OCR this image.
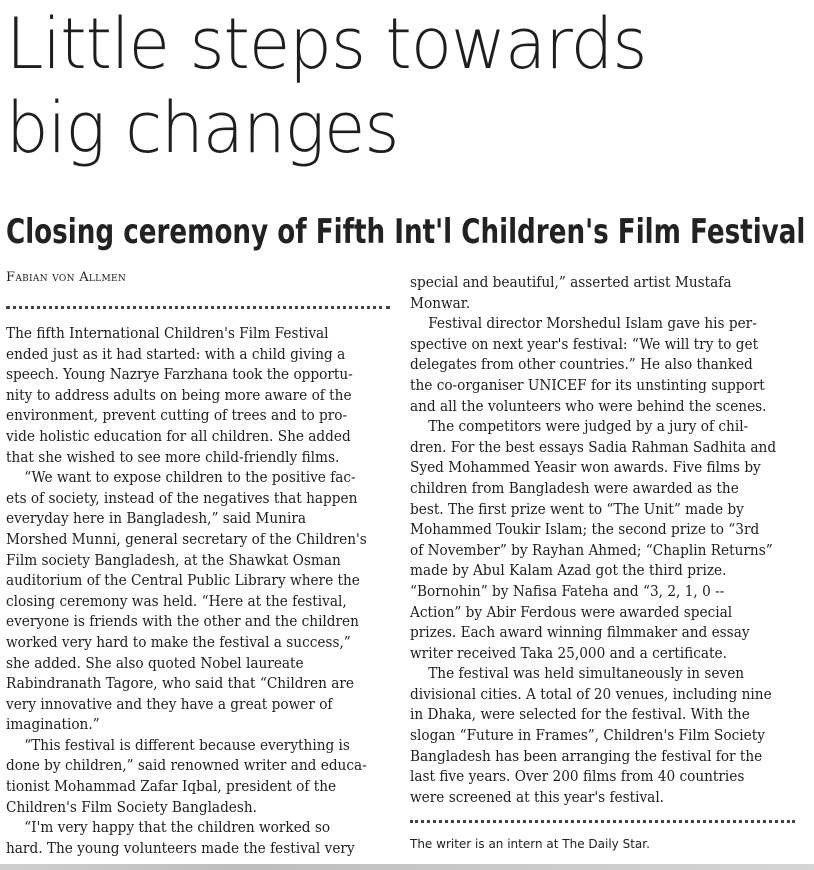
Little steps towards
big changes
Closing ceremony of Fifth Int'l Children's Film Festival
Fabian von Allmen
The fifth International Children's Film Festival
ended just as it had started: with a child giving a
speech. Young Nazrye Farzhana took the opportu-
nity to address adults on being more aware of the
environment, prevent cutting of trees and to pro-
vide holistic education for all children. She added
that she wished to see more child-friendly films.
“We want to expose children to the positive fac-
ets of society, instead of the negatives that happen
everyday here in Bangladesh,” said Munira
Morshed Munni, general secretary of the Children's
Film society Bangladesh, at the Shawkat Osman
auditorium of the Central Public Library where the
closing ceremony was held. “Here at the festival,
everyone is friends with the other and the children
worked very hard to make the festival a success,”
she added. She also quoted Nobel laureate
Rabindranath Tagore, who said that “Children are
very innovative and they have a great power of
imagination.”
“This festival is different because everything is
done by children,” said renowned writer and educa-
tionist Mohammad Zafar Iqbal, president of the
Children's Film Society Bangladesh.
“I'm very happy that the children worked so
hard. The young volunteers made the festival very
special and beautiful,” asserted artist Mustafa
Monwar.
Festival director Morshedul Islam gave his per-
spective on next year's festival: “We will try to get
delegates from other countries.” He also thanked
the co-organiser UNICEF for its unstinting support
and all the volunteers who were behind the scenes.
The competitors were judged by a jury of chil-
dren. For the best essays Sadia Rahman Sadhita and
Syed Mohammed Yeasir won awards. Five films by
children from Bangladesh were awarded as the
best. The first prize went to “The Unit” made by
Mohammed Toukir Islam; the second prize to “3rd
of November” by Rayhan Ahmed; “Chaplin Returns”
made by Abul Kalam Azad got the third prize.
“Bornohin” by Nafisa Fateha and “3, 2, 1, 0 --
Action” by Abir Ferdous were awarded special
prizes. Each award winning filmmaker and essay
writer received Taka 25,000 and a certificate.
The festival was held simultaneously in seven
divisional cities. A total of 20 venues, including nine
in Dhaka, were selected for the festival. With the
slogan “Future in Frames”, Children's Film Society
Bangladesh has been arranging the festival for the
last five years. Over 200 films from 40 countries
were screened at this year's festival.
The writer is an intern at The Daily Star.
